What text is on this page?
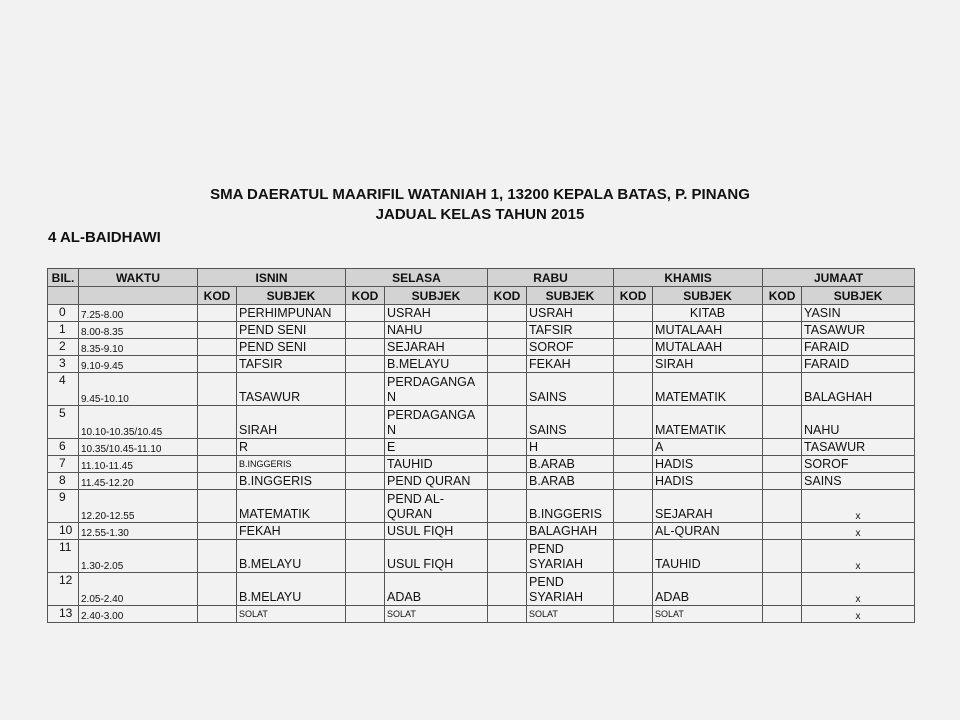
SMA DAERATUL MAARIFIL WATANIAH 1, 13200 KEPALA BATAS, P. PINANG
JADUAL KELAS TAHUN 2015
4 AL-BAIDHAWI
BIL.	WAKTU	ISNIN		SELASA		RABU		KHAMIS		JUMAAT	
		KOD	SUBJEK	KOD	SUBJEK	KOD	SUBJEK	KOD	SUBJEK	KOD	SUBJEK
0	7.25-8.00		PERHIMPUNAN		USRAH		USRAH		KITAB		YASIN
1	8.00-8.35		PEND SENI		NAHU		TAFSIR		MUTALAAH		TASAWUR
2	8.35-9.10		PEND SENI		SEJARAH		SOROF		MUTALAAH		FARAID
3	9.10-9.45		TAFSIR		B.MELAYU		FEKAH		SIRAH		FARAID
4	9.45-10.10		TASAWUR		PERDAGANGA N		SAINS		MATEMATIK		BALAGHAH
5	10.10-10.35/10.45		SIRAH		PERDAGANGA N		SAINS		MATEMATIK		NAHU
6	10.35/10.45-11.10		R		E		H		A		TASAWUR
7	11.10-11.45		B.INGGERIS		TAUHID		B.ARAB		HADIS		SOROF
8	11.45-12.20		B.INGGERIS		PEND QURAN		B.ARAB		HADIS		SAINS
9	12.20-12.55		MATEMATIK		PEND AL-QURAN		B.INGGERIS		SEJARAH		x
10	12.55-1.30		FEKAH		USUL FIQH		BALAGHAH		AL-QURAN		x
11	1.30-2.05		B.MELAYU		USUL FIQH		PEND SYARIAH		TAUHID		x
12	2.05-2.40		B.MELAYU		ADAB		PEND SYARIAH		ADAB		x
13	2.40-3.00		SOLAT		SOLAT		SOLAT		SOLAT		x
